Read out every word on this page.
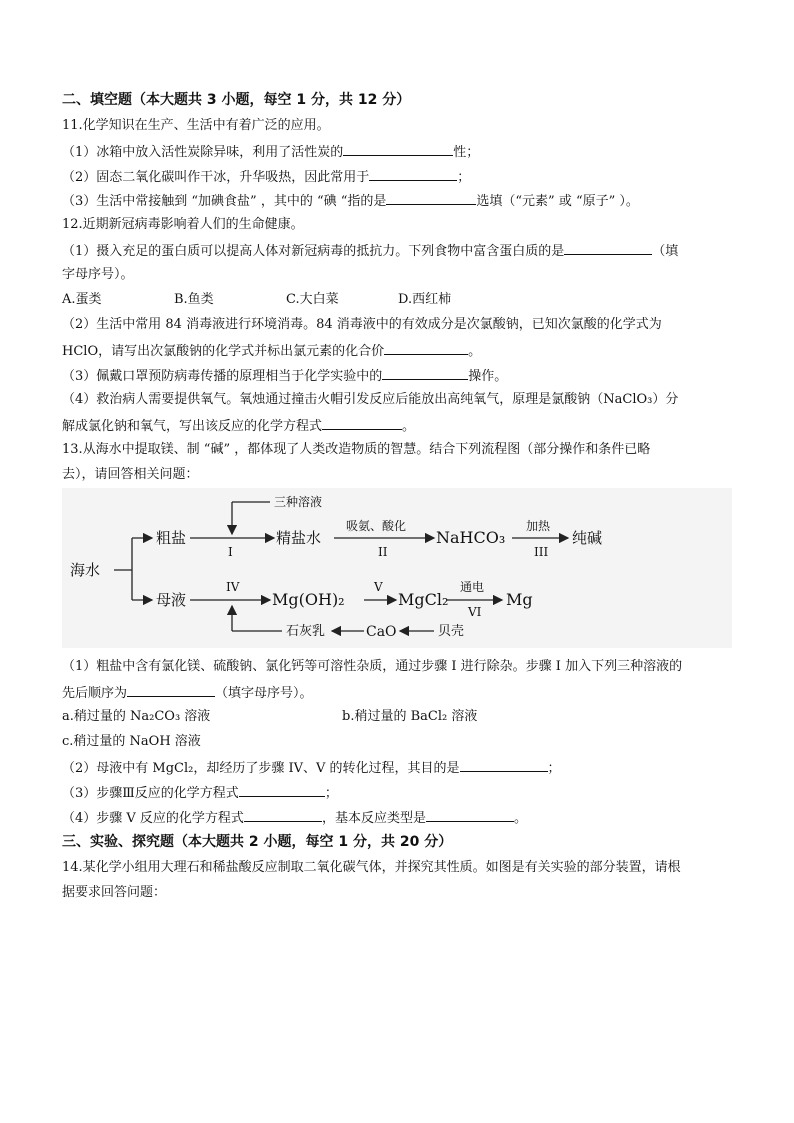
二、填空题（本大题共 3 小题，每空 1 分，共 12 分）
11.化学知识在生产、生活中有着广泛的应用。
（1）冰箱中放入活性炭除异味，利用了活性炭的	性；
（2）固态二氧化碳叫作干冰，升华吸热，因此常用于	；
（3）生活中常接触到 “加碘食盐” ，其中的 “碘 “指的是	选填（“元素” 或 “原子” ）。
12.近期新冠病毒影响着人们的生命健康。
（1）摄入充足的蛋白质可以提高人体对新冠病毒的抵抗力。下列食物中富含蛋白质的是	（填
字母序号）。
A.蛋类	B.鱼类	C.大白菜	D.西红柿
（2）生活中常用 84 消毒液进行环境消毒。84 消毒液中的有效成分是次氯酸钠，已知次氯酸的化学式为
HClO，请写出次氯酸钠的化学式并标出氯元素的化合价	。
（3）佩戴口罩预防病毒传播的原理相当于化学实验中的	操作。
（4）救治病人需要提供氧气。氧烛通过撞击火帽引发反应后能放出高纯氧气，原理是氯酸钠（NaClO₃）分
解成氯化钠和氧气，写出该反应的化学方程式	。
13.从海水中提取镁、制 “碱” ，都体现了人类改造物质的智慧。结合下列流程图（部分操作和条件已略
去），请回答相关问题：
海水
粗盐
三种溶液
I
精盐水
吸氨、酸化
II
NaHCO₃
加热
III
纯碱
母液
IV
Mg(OH)₂
V
MgCl₂
通电
VI
Mg
石灰乳	CaO	贝壳
（1）粗盐中含有氯化镁、硫酸钠、氯化钙等可溶性杂质，通过步骤 I 进行除杂。步骤 I 加入下列三种溶液的
先后顺序为	（填字母序号）。
a.稍过量的 Na₂CO₃ 溶液	b.稍过量的 BaCl₂ 溶液
c.稍过量的 NaOH 溶液
（2）母液中有 MgCl₂，却经历了步骤 IV、V 的转化过程，其目的是	；
（3）步骤Ⅲ反应的化学方程式	；
（4）步骤 V 反应的化学方程式	，基本反应类型是	。
三、实验、探究题（本大题共 2 小题，每空 1 分，共 20 分）
14.某化学小组用大理石和稀盐酸反应制取二氧化碳气体，并探究其性质。如图是有关实验的部分装置，请根
据要求回答问题：
